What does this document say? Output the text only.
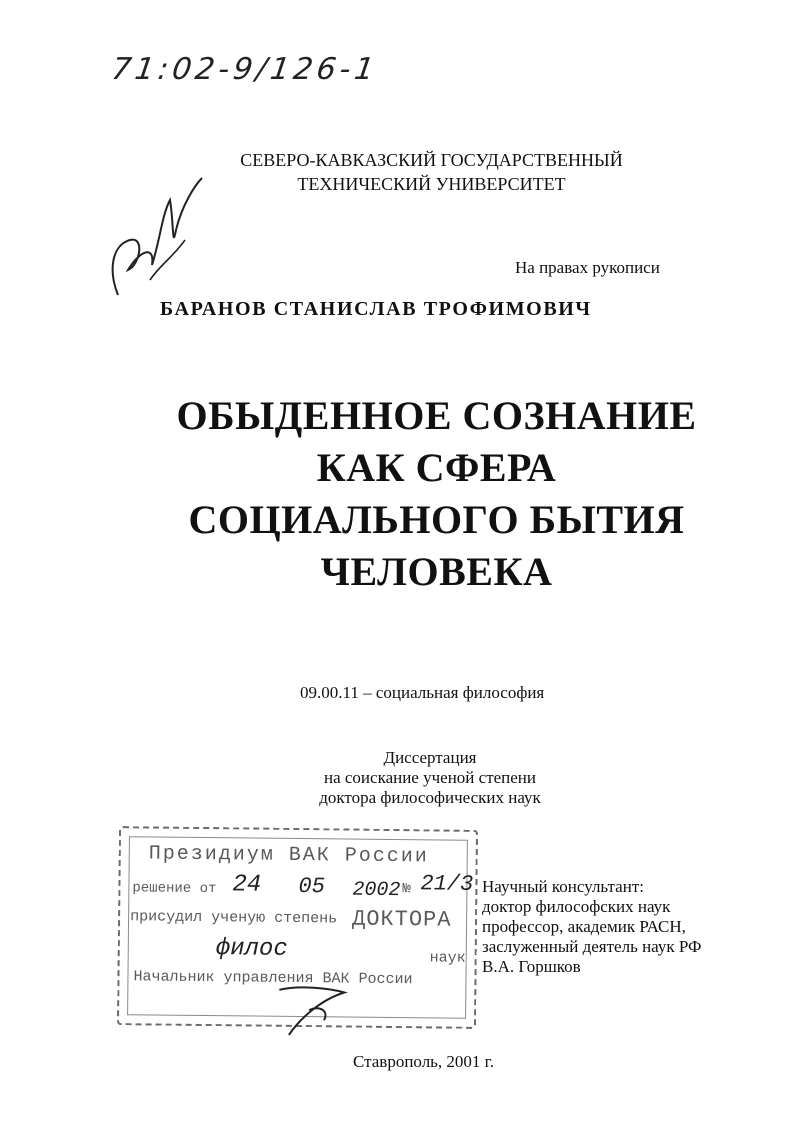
71:02-9/126-1
СЕВЕРО-КАВКАЗСКИЙ ГОСУДАРСТВЕННЫЙ
ТЕХНИЧЕСКИЙ УНИВЕРСИТЕТ
На правах рукописи
БАРАНОВ СТАНИСЛАВ ТРОФИМОВИЧ
ОБЫДЕННОЕ СОЗНАНИЕ
КАК СФЕРА
СОЦИАЛЬНОГО БЫТИЯ
ЧЕЛОВЕКА
09.00.11 – социальная философия
Диссертация
на соискание ученой степени
доктора философических наук
Президиум ВАК России
решение от 24 05 2002 № 21/3
присудил ученую степень ДОКТОРА
филос	наук
Начальник управления ВАК России
Научный консультант:
доктор философских наук
профессор, академик РАСН,
заслуженный деятель наук РФ
В.А. Горшков
Ставрополь, 2001 г.
